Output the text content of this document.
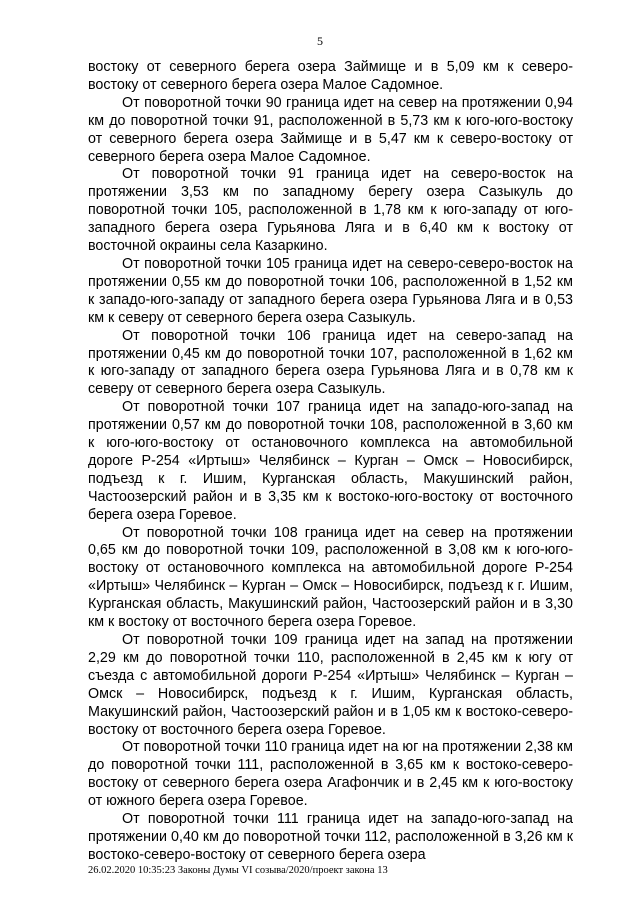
5

востоку от северного берега озера Займище и в 5,09 км к северо-востоку от северного берега озера Малое Садомное.

От поворотной точки 90 граница идет на север на протяжении 0,94 км до поворотной точки 91, расположенной в 5,73 км к юго-юго-востоку от северного берега озера Займище и в 5,47 км к северо-востоку от северного берега озера Малое Садомное.

От поворотной точки 91 граница идет на северо-восток на протяжении 3,53 км по западному берегу озера Сазыкуль до поворотной точки 105, расположенной в 1,78 км к юго-западу от юго-западного берега озера Гурьянова Ляга и в 6,40 км к востоку от восточной окраины села Казаркино.

От поворотной точки 105 граница идет на северо-северо-восток на протяжении 0,55 км до поворотной точки 106, расположенной в 1,52 км к западо-юго-западу от западного берега озера Гурьянова Ляга и в 0,53 км к северу от северного берега озера Сазыкуль.

От поворотной точки 106 граница идет на северо-запад на протяжении 0,45 км до поворотной точки 107, расположенной в 1,62 км к юго-западу от западного берега озера Гурьянова Ляга и в 0,78 км к северу от северного берега озера Сазыкуль.

От поворотной точки 107 граница идет на западо-юго-запад на протяжении 0,57 км до поворотной точки 108, расположенной в 3,60 км к юго-юго-востоку от остановочного комплекса на автомобильной дороге Р-254 «Иртыш» Челябинск – Курган – Омск – Новосибирск, подъезд к г. Ишим, Курганская область, Макушинский район, Частоозерский район и в 3,35 км к востоко-юго-востоку от восточного берега озера Горевое.

От поворотной точки 108 граница идет на север на протяжении 0,65 км до поворотной точки 109, расположенной в 3,08 км к юго-юго-востоку от остановочного комплекса на автомобильной дороге Р-254 «Иртыш» Челябинск – Курган – Омск – Новосибирск, подъезд к г. Ишим, Курганская область, Макушинский район, Частоозерский район и в 3,30 км к востоку от восточного берега озера Горевое.

От поворотной точки 109 граница идет на запад на протяжении 2,29 км до поворотной точки 110, расположенной в 2,45 км к югу от съезда с автомобильной дороги Р-254 «Иртыш» Челябинск – Курган – Омск – Новосибирск, подъезд к г. Ишим, Курганская область, Макушинский район, Частоозерский район и в 1,05 км к востоко-северо-востоку от восточного берега озера Горевое.

От поворотной точки 110 граница идет на юг на протяжении 2,38 км до поворотной точки 111, расположенной в 3,65 км к востоко-северо-востоку от северного берега озера Агафончик и в 2,45 км к юго-востоку от южного берега озера Горевое.

От поворотной точки 111 граница идет на западо-юго-запад на протяжении 0,40 км до поворотной точки 112, расположенной в 3,26 км к востоко-северо-востоку от северного берега озера

26.02.2020 10:35:23 Законы Думы VI созыва/2020/проект закона 13
